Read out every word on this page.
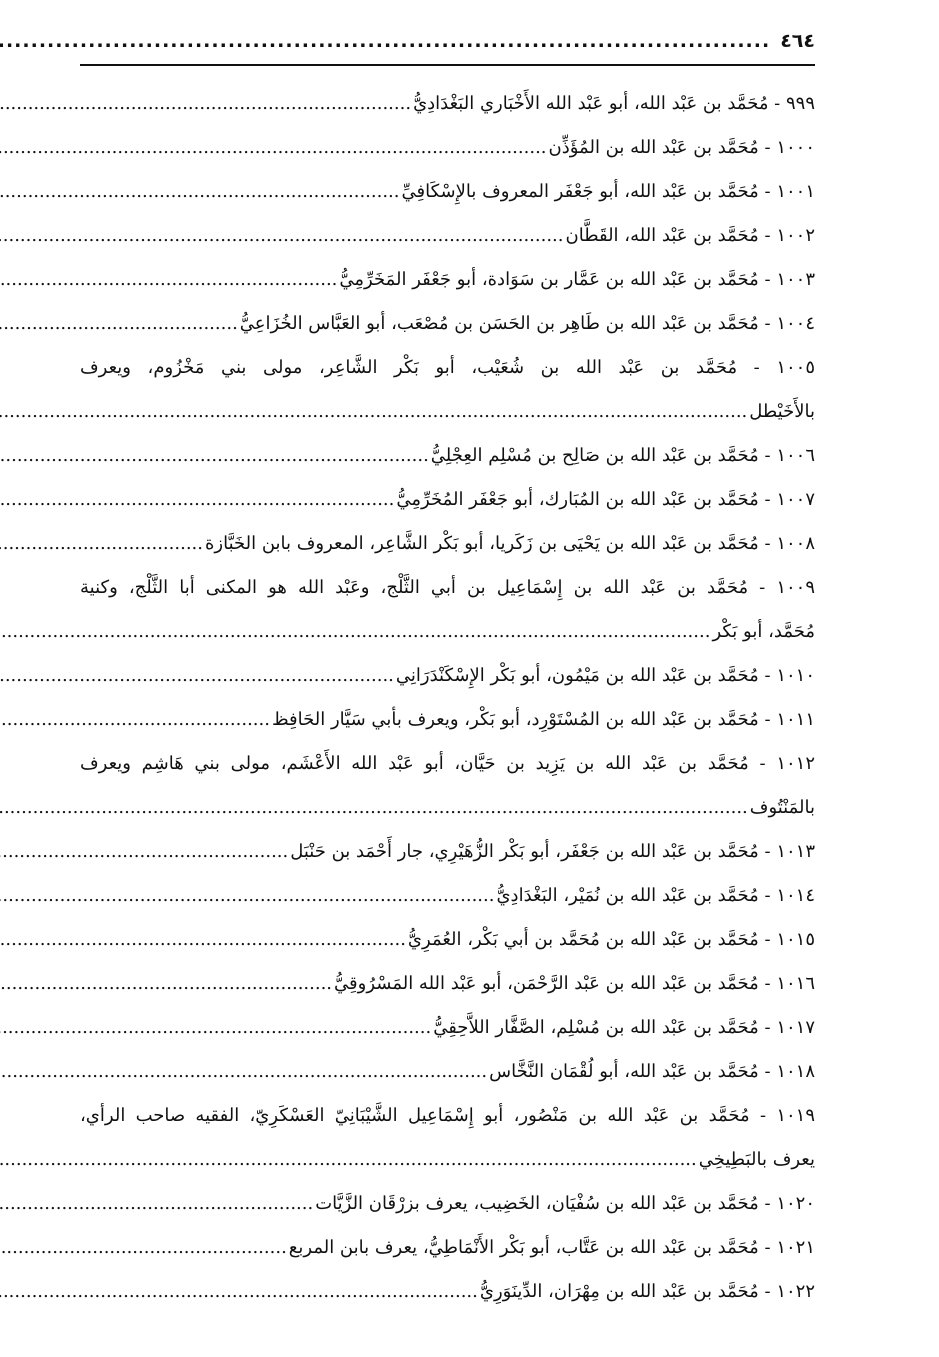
٤٦٤
.....
٩٩٩ - مُحَمَّد بن عَبْد الله، أبو عَبْد الله الأَخْبَاري البَغْدَادِيُّ
.....
١٠٠٠ - مُحَمَّد بن عَبْد الله بن المُؤَذِّن
.....
١٠٠١ - مُحَمَّد بن عَبْد الله، أبو جَعْفَر المعروف بالإِسْكَافِيِّ
.....
١٠٠٢ - مُحَمَّد بن عَبْد الله، القَطَّان
.....
١٠٠٣ - مُحَمَّد بن عَبْد الله بن عَمَّار بن سَوَادة، أبو جَعْفَر المَخَرِّمِيُّ
.....
١٠٠٤ - مُحَمَّد بن عَبْد الله بن طَاهِر بن الحَسَن بن مُصْعَب، أبو العَبَّاس الخُزَاعِيُّ
.....
١٠٠٥ - مُحَمَّد بن عَبْد الله بن شُعَيْب، أبو بَكْر الشَّاعِر، مولى بني مَخْزُوم، ويعرف
بالأَخَيْطل
.....
١٠٠٦ - مُحَمَّد بن عَبْد الله بن صَالِح بن مُسْلِم العِجْلِيُّ
.....
١٠٠٧ - مُحَمَّد بن عَبْد الله بن المُبَارك، أبو جَعْفَر المُخَرِّمِيُّ
.....
١٠٠٨ - مُحَمَّد بن عَبْد الله بن يَحْيَى بن زَكَريا، أبو بَكْر الشَّاعِر، المعروف بابن الخَبَّازة
.....
١٠٠٩ - مُحَمَّد بن عَبْد الله بن إِسْمَاعِيل بن أبي الثَّلْج، وعَبْد الله هو المكنى أبا الثَّلْج، وكنية
مُحَمَّد، أبو بَكْر
.....
١٠١٠ - مُحَمَّد بن عَبْد الله بن مَيْمُون، أبو بَكْر الإِسْكَنْدَرَانِي
.....
١٠١١ - مُحَمَّد بن عَبْد الله بن المُسْتَوْرِد، أبو بَكْر، ويعرف بأبي سَيَّار الحَافِظ
.....
١٠١٢ - مُحَمَّد بن عَبْد الله بن يَزِيد بن حَيَّان، أبو عَبْد الله الأَعْشَم، مولى بني هَاشِم ويعرف
بالمَنْتُوف
.....
١٠١٣ - مُحَمَّد بن عَبْد الله بن جَعْفَر، أبو بَكْر الزُّهَيْرِي، جار أَحْمَد بن حَنْبَل
.....
١٠١٤ - مُحَمَّد بن عَبْد الله بن نُمَيْر، البَغْدَادِيُّ
.....
١٠١٥ - مُحَمَّد بن عَبْد الله بن مُحَمَّد بن أبي بَكْر، العُمَرِيُّ
.....
١٠١٦ - مُحَمَّد بن عَبْد الله بن عَبْد الرَّحْمَن، أبو عَبْد الله المَسْرُوقِيُّ
.....
١٠١٧ - مُحَمَّد بن عَبْد الله بن مُسْلِم، الصَّفَّار اللاَّحِقِيُّ
.....
١٠١٨ - مُحَمَّد بن عَبْد الله، أبو لُقْمَان النَّخَّاس
.....
١٠١٩ - مُحَمَّد بن عَبْد الله بن مَنْصُور، أبو إِسْمَاعِيل الشَّيْبَانِيّ العَسْكَرِيّ، الفقيه صاحب الرأي،
يعرف بالبَطِيخِي
.....
١٠٢٠ - مُحَمَّد بن عَبْد الله بن سُفْيَان، الخَضِيب، يعرف بزرْقَان الزَّيَّات
.....
١٠٢١ - مُحَمَّد بن عَبْد الله بن عَتَّاب، أبو بَكْر الأَنْمَاطِيُّ، يعرف بابن المربع
.....
١٠٢٢ - مُحَمَّد بن عَبْد الله بن مِهْرَان، الدِّينَوَرِيُّ
.....
